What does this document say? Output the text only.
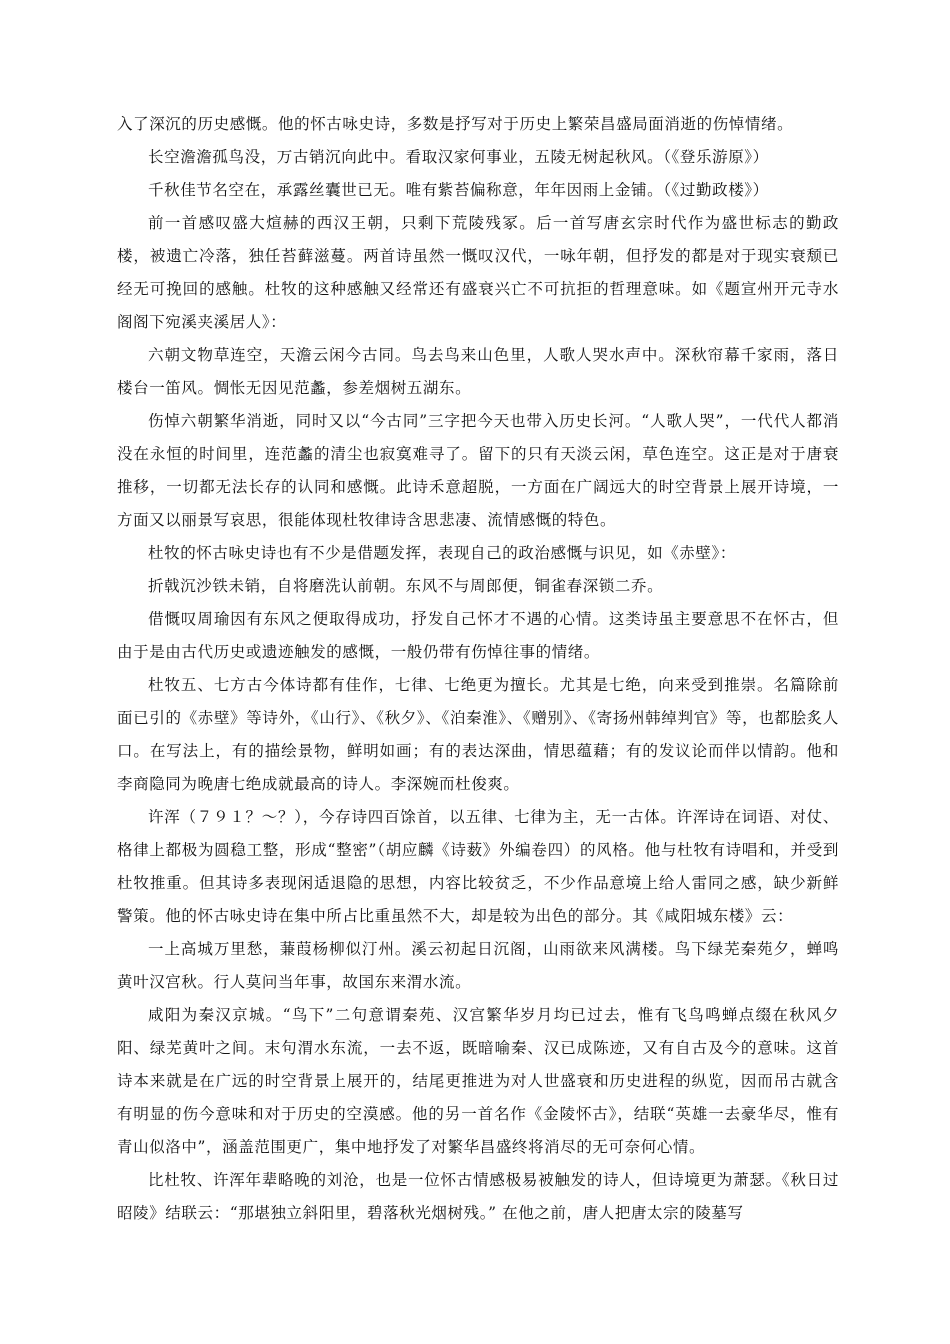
入了深沉的历史感慨。他的怀古咏史诗，多数是抒写对于历史上繁荣昌盛局面消逝的伤悼情绪。

长空澹澹孤鸟没，万古销沉向此中。看取汉家何事业，五陵无树起秋风。（《登乐游原》）

千秋佳节名空在，承露丝囊世已无。唯有紫苔偏称意，年年因雨上金铺。（《过勤政楼》）

前一首感叹盛大煊赫的西汉王朝，只剩下荒陵残冢。后一首写唐玄宗时代作为盛世标志的勤政楼，被遗亡冷落，独任苔藓滋蔓。两首诗虽然一慨叹汉代，一咏年朝，但抒发的都是对于现实衰颓已经无可挽回的感触。杜牧的这种感触又经常还有盛衰兴亡不可抗拒的哲理意味。如《题宣州开元寺水阁阁下宛溪夹溪居人》：

六朝文物草连空，天澹云闲今古同。鸟去鸟来山色里，人歌人哭水声中。深秋帘幕千家雨，落日楼台一笛风。惆怅无因见范蠡，参差烟树五湖东。

伤悼六朝繁华消逝，同时又以“今古同”三字把今天也带入历史长河。“人歌人哭”，一代代人都消没在永恒的时间里，连范蠡的清尘也寂寞难寻了。留下的只有天淡云闲，草色连空。这正是对于唐衰推移，一切都无法长存的认同和感慨。此诗禾意超脱，一方面在广阔远大的时空背景上展开诗境，一方面又以丽景写哀思，很能体现杜牧律诗含思悲凄、流情感慨的特色。

杜牧的怀古咏史诗也有不少是借题发挥，表现自己的政治感慨与识见，如《赤壁》：

折戟沉沙铁未销，自将磨洗认前朝。东风不与周郎便，铜雀春深锁二乔。

借慨叹周瑜因有东风之便取得成功，抒发自己怀才不遇的心情。这类诗虽主要意思不在怀古，但由于是由古代历史或遗迹触发的感慨，一般仍带有伤悼往事的情绪。

杜牧五、七方古今体诗都有佳作，七律、七绝更为擅长。尤其是七绝，向来受到推崇。名篇除前面已引的《赤壁》等诗外，《山行》、《秋夕》、《泊秦淮》、《赠别》、《寄扬州韩绰判官》等，也都脍炙人口。在写法上，有的描绘景物，鲜明如画；有的表达深曲，情思蕴藉；有的发议论而伴以情韵。他和李商隐同为晚唐七绝成就最高的诗人。李深婉而杜俊爽。

许浑（７９１？～？），今存诗四百馀首，以五律、七律为主，无一古体。许浑诗在词语、对仗、格律上都极为圆稳工整，形成“整密”（胡应麟《诗薮》外编卷四）的风格。他与杜牧有诗唱和，并受到杜牧推重。但其诗多表现闲适退隐的思想，内容比较贫乏，不少作品意境上给人雷同之感，缺少新鲜警策。他的怀古咏史诗在集中所占比重虽然不大，却是较为出色的部分。其《咸阳城东楼》云：

一上高城万里愁，蒹葭杨柳似汀州。溪云初起日沉阁，山雨欲来风满楼。鸟下绿芜秦苑夕，蝉鸣黄叶汉宫秋。行人莫问当年事，故国东来渭水流。

咸阳为秦汉京城。“鸟下”二句意谓秦苑、汉宫繁华岁月均已过去，惟有飞鸟鸣蝉点缀在秋风夕阳、绿芜黄叶之间。末句渭水东流，一去不返，既暗喻秦、汉已成陈迹，又有自古及今的意味。这首诗本来就是在广远的时空背景上展开的，结尾更推进为对人世盛衰和历史进程的纵览，因而吊古就含有明显的伤今意味和对于历史的空漠感。他的另一首名作《金陵怀古》，结联“英雄一去豪华尽，惟有青山似洛中”，涵盖范围更广，集中地抒发了对繁华昌盛终将消尽的无可奈何心情。

比杜牧、许浑年辈略晚的刘沧，也是一位怀古情感极易被触发的诗人，但诗境更为萧瑟。《秋日过昭陵》结联云：“那堪独立斜阳里，碧落秋光烟树残。” 在他之前，唐人把唐太宗的陵墓写
